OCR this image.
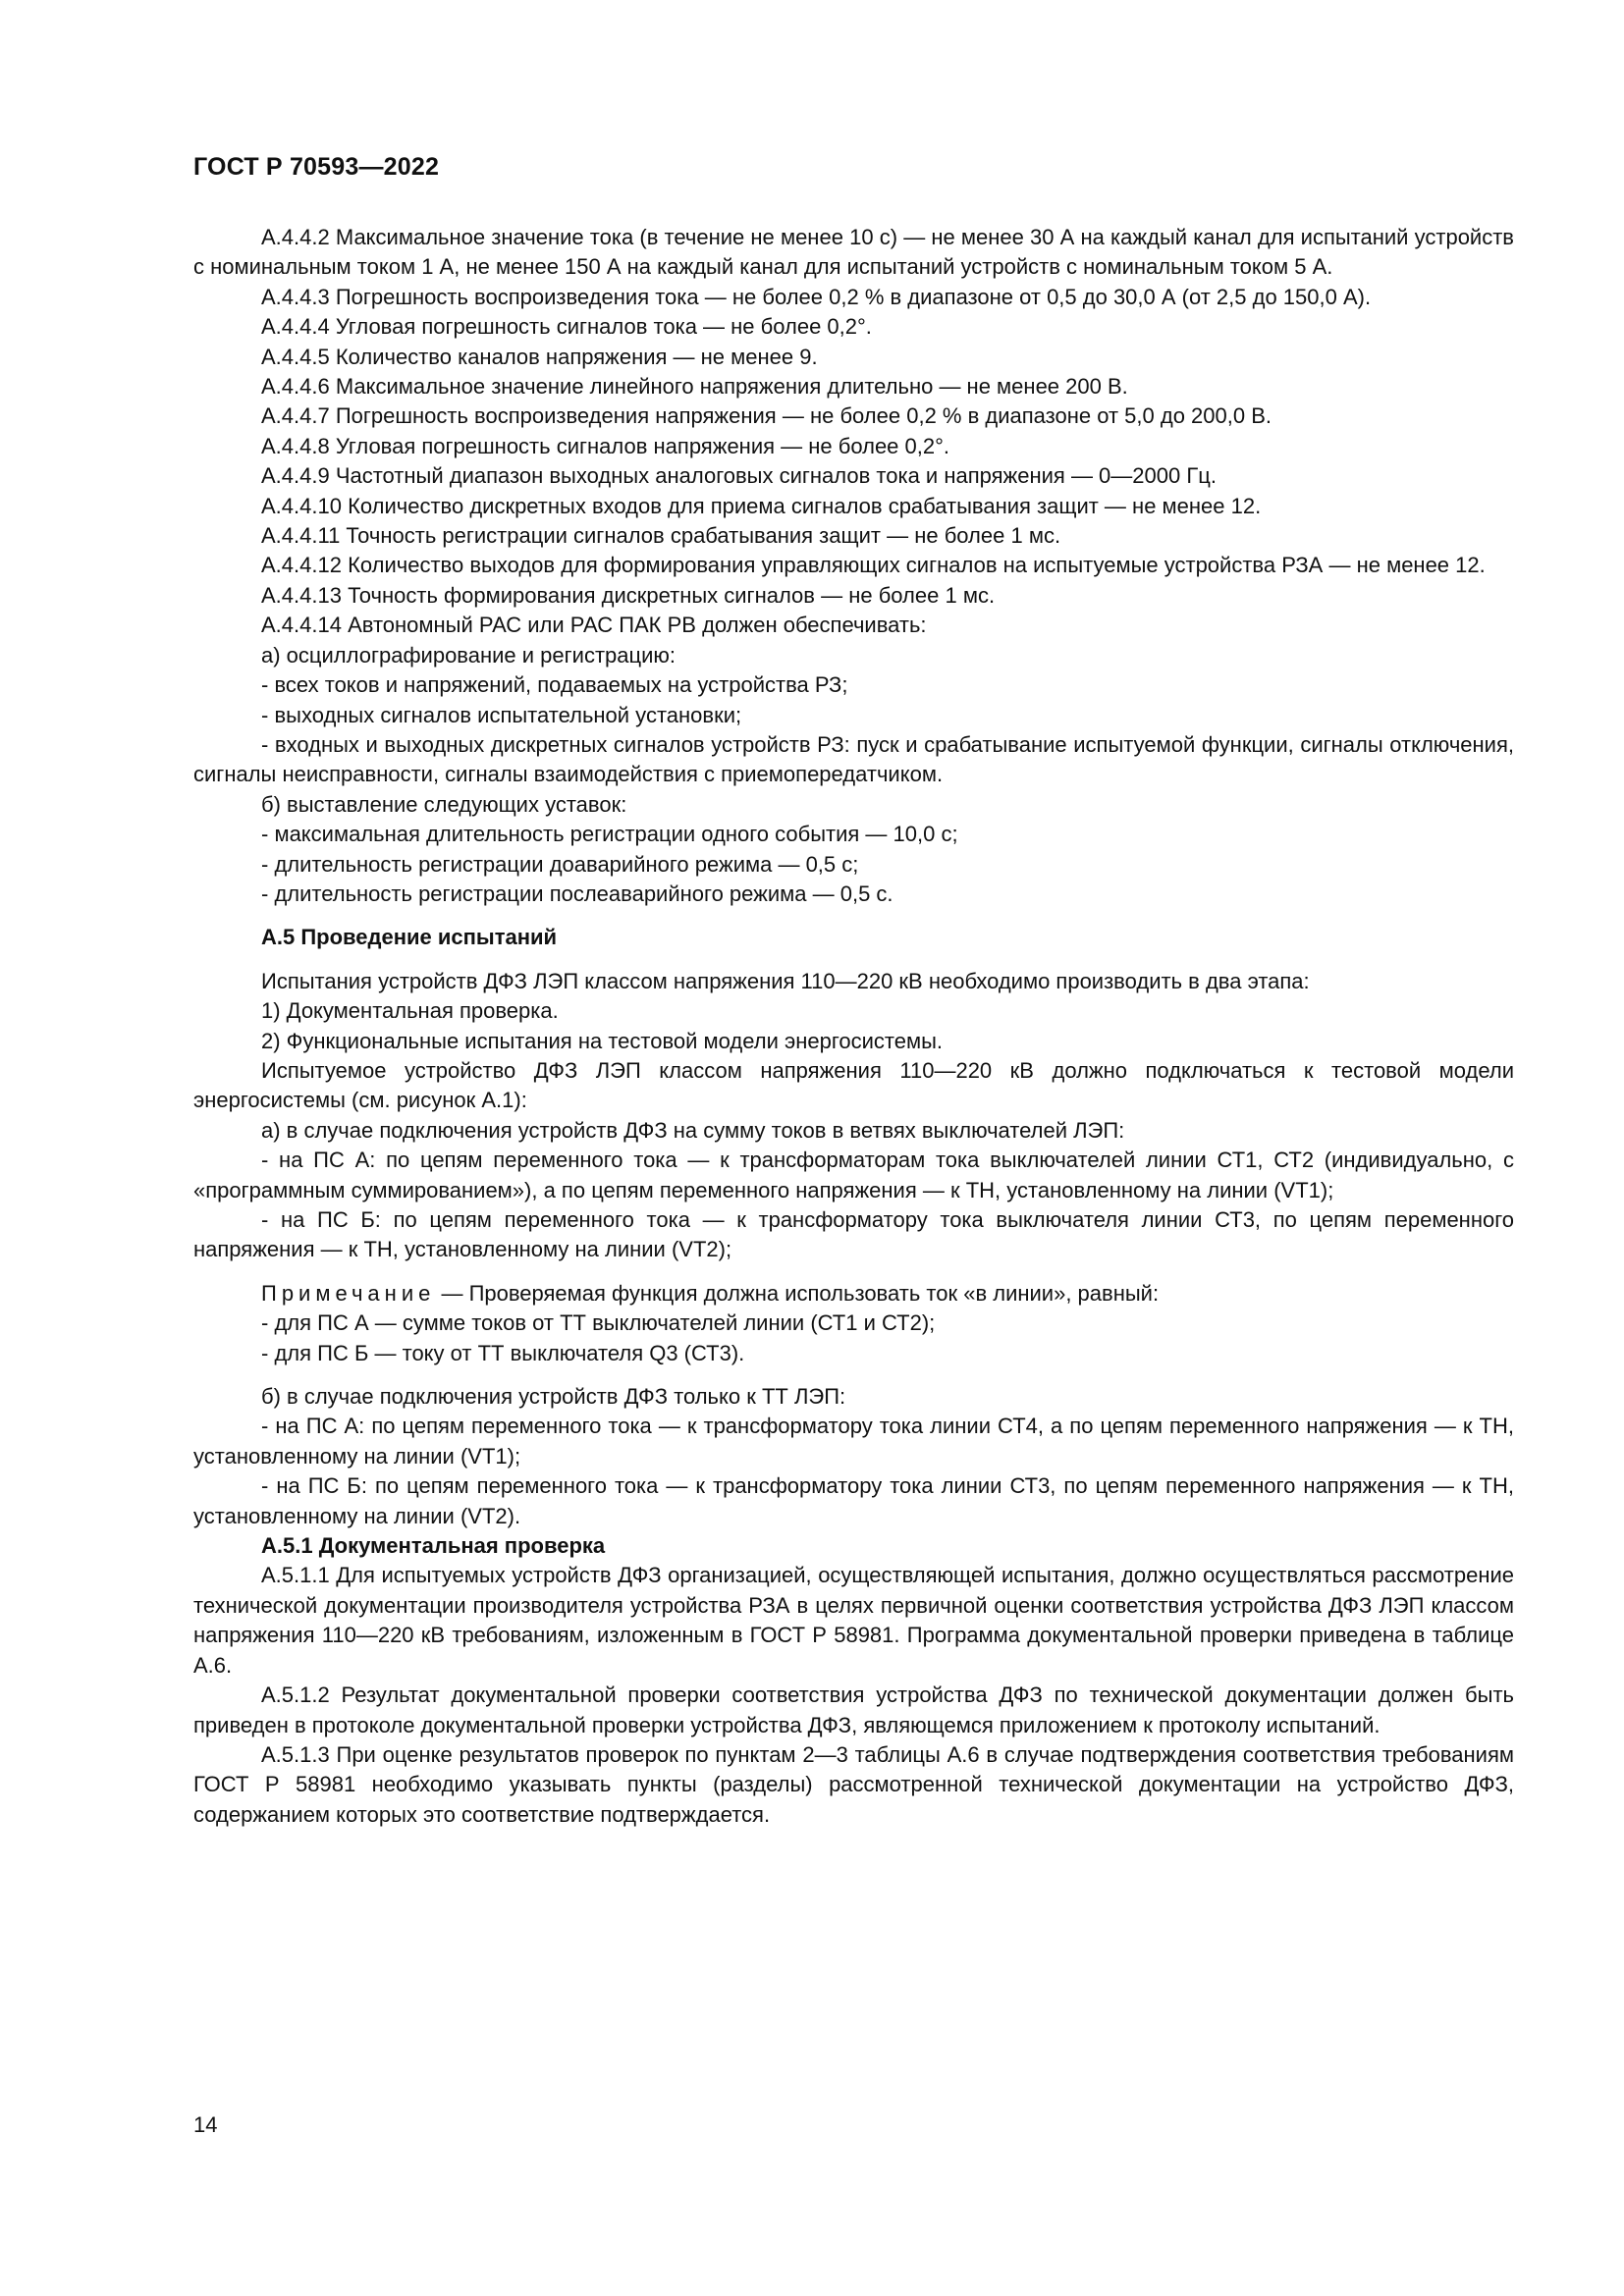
ГОСТ Р 70593—2022

А.4.4.2 Максимальное значение тока (в течение не менее 10 с) — не менее 30 А на каждый канал для испытаний устройств с номинальным током 1 А, не менее 150 А на каждый канал для испытаний устройств с номинальным током 5 А.

А.4.4.3 Погрешность воспроизведения тока — не более 0,2 % в диапазоне от 0,5 до 30,0 А (от 2,5 до 150,0 А).

А.4.4.4 Угловая погрешность сигналов тока — не более 0,2°.

А.4.4.5 Количество каналов напряжения — не менее 9.

А.4.4.6 Максимальное значение линейного напряжения длительно — не менее 200 В.

А.4.4.7 Погрешность воспроизведения напряжения — не более 0,2 % в диапазоне от 5,0 до 200,0 В.

А.4.4.8 Угловая погрешность сигналов напряжения — не более 0,2°.

А.4.4.9 Частотный диапазон выходных аналоговых сигналов тока и напряжения — 0—2000 Гц.

А.4.4.10 Количество дискретных входов для приема сигналов срабатывания защит — не менее 12.

А.4.4.11 Точность регистрации сигналов срабатывания защит — не более 1 мс.

А.4.4.12 Количество выходов для формирования управляющих сигналов на испытуемые устройства РЗА — не менее 12.

А.4.4.13 Точность формирования дискретных сигналов — не более 1 мс.

А.4.4.14 Автономный РАС или РАС ПАК РВ должен обеспечивать:

а) осциллографирование и регистрацию:

- всех токов и напряжений, подаваемых на устройства РЗ;

- выходных сигналов испытательной установки;

- входных и выходных дискретных сигналов устройств РЗ: пуск и срабатывание испытуемой функции, сигналы отключения, сигналы неисправности, сигналы взаимодействия с приемопередатчиком.

б) выставление следующих уставок:

- максимальная длительность регистрации одного события — 10,0 с;

- длительность регистрации доаварийного режима — 0,5 с;

- длительность регистрации послеаварийного режима — 0,5 с.

А.5 Проведение испытаний

Испытания устройств ДФЗ ЛЭП классом напряжения 110—220 кВ необходимо производить в два этапа:

1) Документальная проверка.

2) Функциональные испытания на тестовой модели энергосистемы.

Испытуемое устройство ДФЗ ЛЭП классом напряжения 110—220 кВ должно подключаться к тестовой модели энергосистемы (см. рисунок А.1):

а) в случае подключения устройств ДФЗ на сумму токов в ветвях выключателей ЛЭП:

- на ПС А: по цепям переменного тока — к трансформаторам тока выключателей линии СТ1, СТ2 (индивидуально, с «программным суммированием»), а по цепям переменного напряжения — к ТН, установленному на линии (VТ1);

- на ПС Б: по цепям переменного тока — к трансформатору тока выключателя линии СТ3, по цепям переменного напряжения — к ТН, установленному на линии (VТ2);

Примечание — Проверяемая функция должна использовать ток «в линии», равный:

- для ПС А — сумме токов от ТТ выключателей линии (СТ1 и СТ2);

- для ПС Б — току от ТТ выключателя Q3 (СТ3).

б) в случае подключения устройств ДФЗ только к ТТ ЛЭП:

- на ПС А: по цепям переменного тока — к трансформатору тока линии СТ4, а по цепям переменного напряжения — к ТН, установленному на линии (VТ1);

- на ПС Б: по цепям переменного тока — к трансформатору тока линии СТ3, по цепям переменного напряжения — к ТН, установленному на линии (VТ2).

А.5.1 Документальная проверка

А.5.1.1 Для испытуемых устройств ДФЗ организацией, осуществляющей испытания, должно осуществляться рассмотрение технической документации производителя устройства РЗА в целях первичной оценки соответствия устройства ДФЗ ЛЭП классом напряжения 110—220 кВ требованиям, изложенным в ГОСТ Р 58981. Программа документальной проверки приведена в таблице А.6.

А.5.1.2 Результат документальной проверки соответствия устройства ДФЗ по технической документации должен быть приведен в протоколе документальной проверки устройства ДФЗ, являющемся приложением к протоколу испытаний.

А.5.1.3 При оценке результатов проверок по пунктам 2—3 таблицы А.6 в случае подтверждения соответствия требованиям ГОСТ Р 58981 необходимо указывать пункты (разделы) рассмотренной технической документации на устройство ДФЗ, содержанием которых это соответствие подтверждается.

14
